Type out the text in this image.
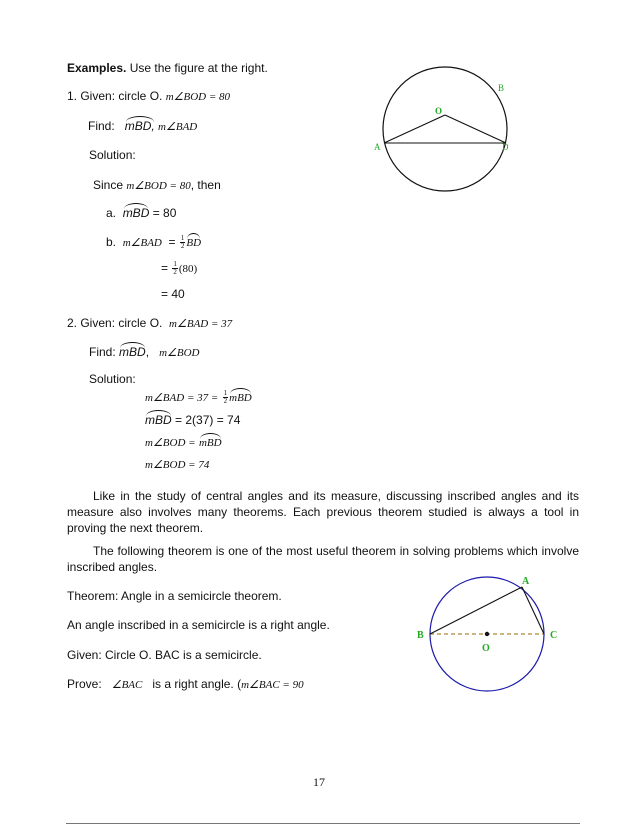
Examples. Use the figure at the right.
1. Given: circle O. m∠BOD = 80
Find: mBD, m∠BAD
Solution:
Since m∠BOD = 80, then
a. mBD = 80
b. m∠BAD = $\frac{1}{2}$ BD
= $\frac{1}{2} (80)$
= 40
2. Given: circle O. m∠BAD = 37
Find: mBD, m∠BOD
Solution:
m∠BAD = $37 = \frac{1}{2}$ mBD
mBD = 2(37) = 74
m∠BOD = mBD
m∠BOD = 74
Like in the study of central angles and its measure, discussing inscribed angles and its measure also involves many theorems. Each previous theorem studied is always a tool in proving the next theorem.
The following theorem is one of the most useful theorem in solving problems which involve inscribed angles.
Theorem: Angle in a semicircle theorem.
An angle inscribed in a semicircle is a right angle.
Given: Circle O. BAC is a semicircle.
Prove: ∠BAC is a right angle. (m∠BAC = 90
B
O
A	D
A
B	C
O
17
